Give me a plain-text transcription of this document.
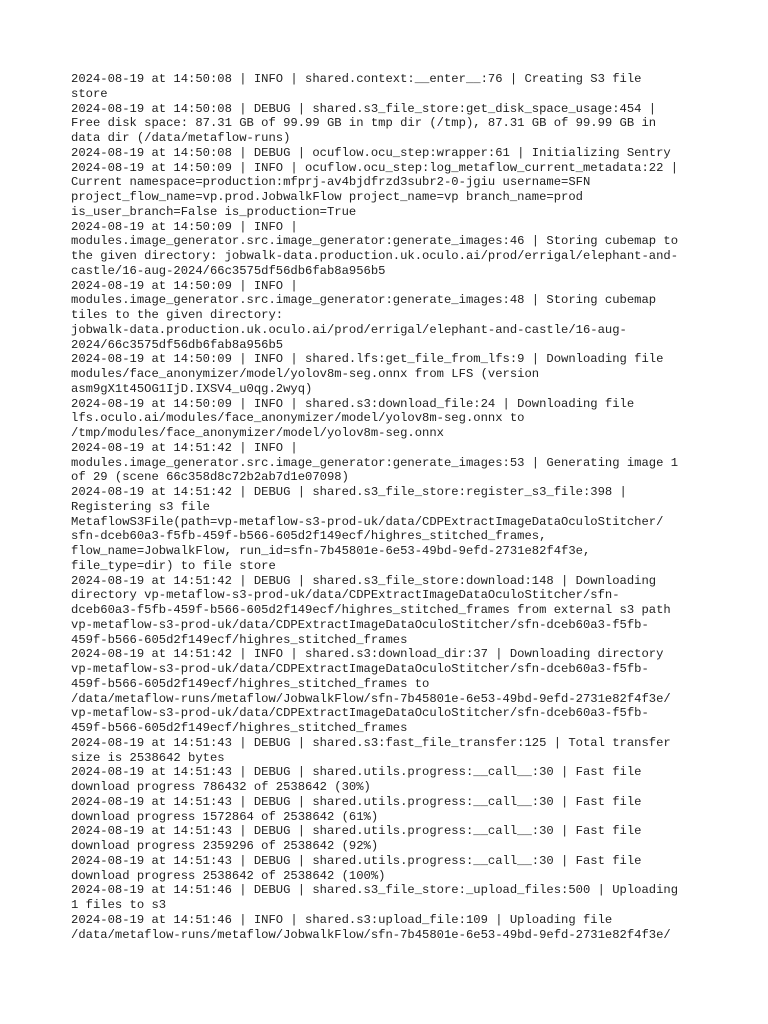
2024-08-19 at 14:50:08 | INFO | shared.context:__enter__:76 | Creating S3 file
store
2024-08-19 at 14:50:08 | DEBUG | shared.s3_file_store:get_disk_space_usage:454 |
Free disk space: 87.31 GB of 99.99 GB in tmp dir (/tmp), 87.31 GB of 99.99 GB in
data dir (/data/metaflow-runs)
2024-08-19 at 14:50:08 | DEBUG | ocuflow.ocu_step:wrapper:61 | Initializing Sentry
2024-08-19 at 14:50:09 | INFO | ocuflow.ocu_step:log_metaflow_current_metadata:22 |
Current namespace=production:mfprj-av4bjdfrzd3subr2-0-jgiu username=SFN
project_flow_name=vp.prod.JobwalkFlow project_name=vp branch_name=prod
is_user_branch=False is_production=True
2024-08-19 at 14:50:09 | INFO |
modules.image_generator.src.image_generator:generate_images:46 | Storing cubemap to
the given directory: jobwalk-data.production.uk.oculo.ai/prod/errigal/elephant-and-
castle/16-aug-2024/66c3575df56db6fab8a956b5
2024-08-19 at 14:50:09 | INFO |
modules.image_generator.src.image_generator:generate_images:48 | Storing cubemap
tiles to the given directory:
jobwalk-data.production.uk.oculo.ai/prod/errigal/elephant-and-castle/16-aug-
2024/66c3575df56db6fab8a956b5
2024-08-19 at 14:50:09 | INFO | shared.lfs:get_file_from_lfs:9 | Downloading file
modules/face_anonymizer/model/yolov8m-seg.onnx from LFS (version
asm9gX1t45OG1IjD.IXSV4_u0qg.2wyq)
2024-08-19 at 14:50:09 | INFO | shared.s3:download_file:24 | Downloading file
lfs.oculo.ai/modules/face_anonymizer/model/yolov8m-seg.onnx to
/tmp/modules/face_anonymizer/model/yolov8m-seg.onnx
2024-08-19 at 14:51:42 | INFO |
modules.image_generator.src.image_generator:generate_images:53 | Generating image 1
of 29 (scene 66c358d8c72b2ab7d1e07098)
2024-08-19 at 14:51:42 | DEBUG | shared.s3_file_store:register_s3_file:398 |
Registering s3 file
MetaflowS3File(path=vp-metaflow-s3-prod-uk/data/CDPExtractImageDataOculoStitcher/
sfn-dceb60a3-f5fb-459f-b566-605d2f149ecf/highres_stitched_frames,
flow_name=JobwalkFlow, run_id=sfn-7b45801e-6e53-49bd-9efd-2731e82f4f3e,
file_type=dir) to file store
2024-08-19 at 14:51:42 | DEBUG | shared.s3_file_store:download:148 | Downloading
directory vp-metaflow-s3-prod-uk/data/CDPExtractImageDataOculoStitcher/sfn-
dceb60a3-f5fb-459f-b566-605d2f149ecf/highres_stitched_frames from external s3 path
vp-metaflow-s3-prod-uk/data/CDPExtractImageDataOculoStitcher/sfn-dceb60a3-f5fb-
459f-b566-605d2f149ecf/highres_stitched_frames
2024-08-19 at 14:51:42 | INFO | shared.s3:download_dir:37 | Downloading directory
vp-metaflow-s3-prod-uk/data/CDPExtractImageDataOculoStitcher/sfn-dceb60a3-f5fb-
459f-b566-605d2f149ecf/highres_stitched_frames to
/data/metaflow-runs/metaflow/JobwalkFlow/sfn-7b45801e-6e53-49bd-9efd-2731e82f4f3e/
vp-metaflow-s3-prod-uk/data/CDPExtractImageDataOculoStitcher/sfn-dceb60a3-f5fb-
459f-b566-605d2f149ecf/highres_stitched_frames
2024-08-19 at 14:51:43 | DEBUG | shared.s3:fast_file_transfer:125 | Total transfer
size is 2538642 bytes
2024-08-19 at 14:51:43 | DEBUG | shared.utils.progress:__call__:30 | Fast file
download progress 786432 of 2538642 (30%)
2024-08-19 at 14:51:43 | DEBUG | shared.utils.progress:__call__:30 | Fast file
download progress 1572864 of 2538642 (61%)
2024-08-19 at 14:51:43 | DEBUG | shared.utils.progress:__call__:30 | Fast file
download progress 2359296 of 2538642 (92%)
2024-08-19 at 14:51:43 | DEBUG | shared.utils.progress:__call__:30 | Fast file
download progress 2538642 of 2538642 (100%)
2024-08-19 at 14:51:46 | DEBUG | shared.s3_file_store:_upload_files:500 | Uploading
1 files to s3
2024-08-19 at 14:51:46 | INFO | shared.s3:upload_file:109 | Uploading file
/data/metaflow-runs/metaflow/JobwalkFlow/sfn-7b45801e-6e53-49bd-9efd-2731e82f4f3e/
